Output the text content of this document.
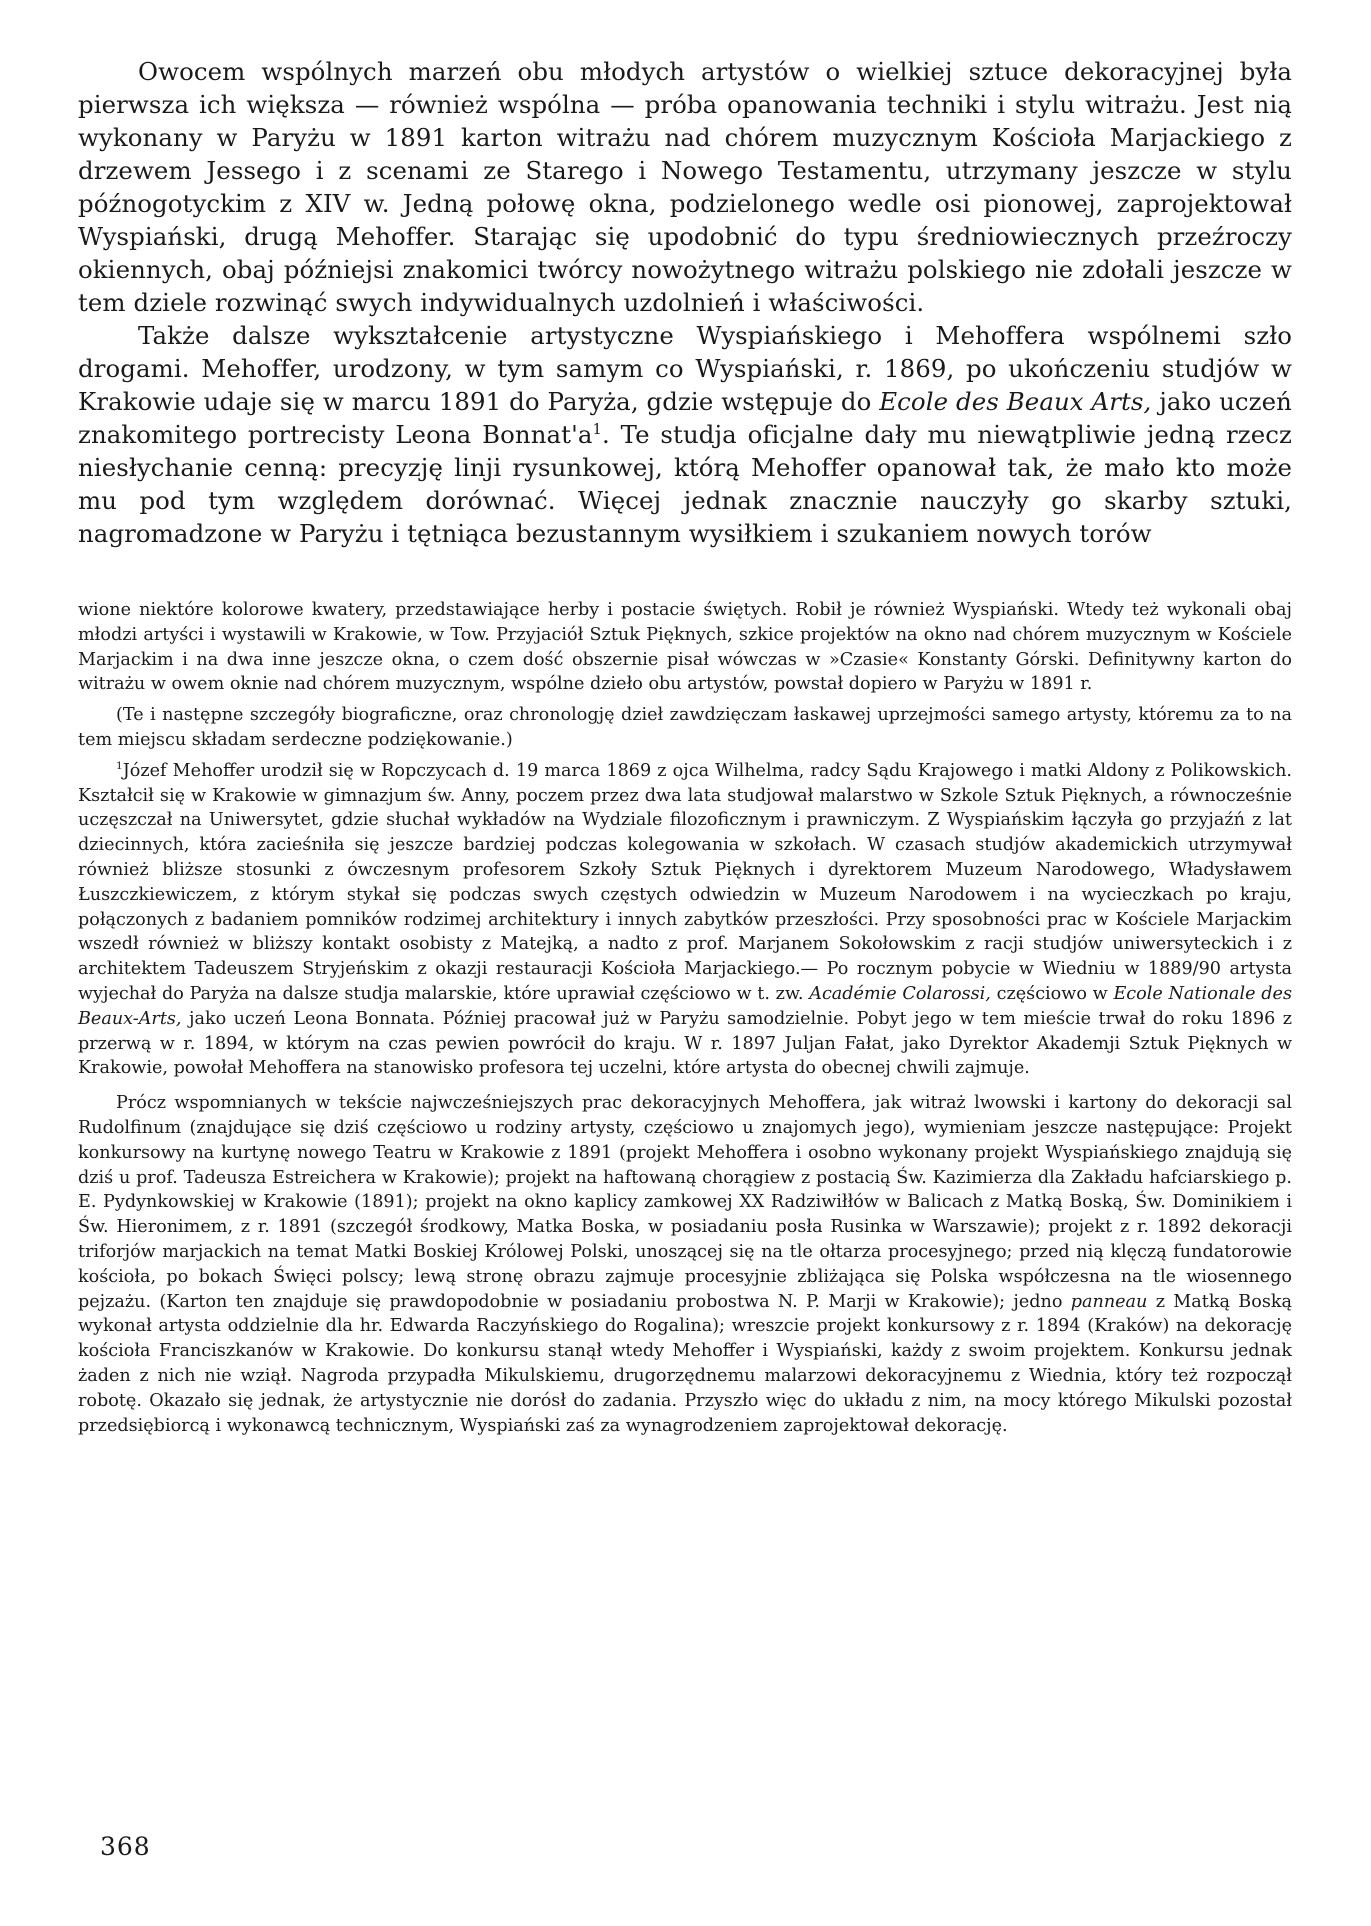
Owocem wspólnych marzeń obu młodych artystów o wielkiej sztuce dekoracyjnej była pierwsza ich większa — również wspólna — próba opanowania techniki i stylu witrażu. Jest nią wykonany w Paryżu w 1891 karton witrażu nad chórem muzycznym Kościoła Marjackiego z drzewem Jessego i z scenami ze Starego i Nowego Testamentu, utrzymany jeszcze w stylu późnogotyckim z XIV w. Jedną połowę okna, podzielonego wedle osi pionowej, zaprojektował Wyspiański, drugą Mehoffer. Starając się upodobnić do typu średniowiecznych przeźroczy okiennych, obaj późniejsi znakomici twórcy nowożytnego witrażu polskiego nie zdołali jeszcze w tem dziele rozwinąć swych indywidualnych uzdolnień i właściwości.

Także dalsze wykształcenie artystyczne Wyspiańskiego i Mehoffera wspólnemi szło drogami. Mehoffer, urodzony, w tym samym co Wyspiański, r. 1869, po ukończeniu studjów w Krakowie udaje się w marcu 1891 do Paryża, gdzie wstępuje do Ecole des Beaux Arts, jako uczeń znakomitego portrecisty Leona $Bonnat'a^1$. Te studja oficjalne dały mu niewątpliwie jedną rzecz niesłychanie cenną: precyzję linji rysunkowej, którą Mehoffer opanował tak, że mało kto może mu pod tym względem dorównać. Więcej jednak znacznie nauczyły go skarby sztuki, nagromadzone w Paryżu i tętniąca bezustannym wysiłkiem i szukaniem nowych torów

wione niektóre kolorowe kwatery, przedstawiające herby i postacie świętych. Robił je również Wyspiański. Wtedy też wykonali obaj młodzi artyści i wystawili w Krakowie, w Tow. Przyjaciół Sztuk Pięknych, szkice projektów na okno nad chórem muzycznym w Kościele Marjackim i na dwa inne jeszcze okna, o czem dość obszernie pisał wówczas w »Czasie« Konstanty Górski. Definitywny karton do witrażu w owem oknie nad chórem muzycznym, wspólne dzieło obu artystów, powstał dopiero w Paryżu w 1891 r.

(Te i następne szczegóły biograficzne, oraz chronologję dzieł zawdzięczam łaskawej uprzejmości samego artysty, któremu za to na tem miejscu składam serdeczne podziękowanie.)

$^1$Józef Mehoffer urodził się w Ropczycach d. 19 marca 1869 z ojca Wilhelma, radcy Sądu Krajowego i matki Aldony z Polikowskich. Kształcił się w Krakowie w gimnazjum św. Anny, poczem przez dwa lata studjował malarstwo w Szkole Sztuk Pięknych, a równocześnie uczęszczał na Uniwersytet, gdzie słuchał wykładów na Wydziale filozoficznym i prawniczym. Z Wyspiańskim łączyła go przyjaźń z lat dziecinnych, która zacieśniła się jeszcze bardziej podczas kolegowania w szkołach. W czasach studjów akademickich utrzymywał również bliższe stosunki z ówczesnym profesorem Szkoły Sztuk Pięknych i dyrektorem Muzeum Narodowego, Władysławem Łuszczkiewiczem, z którym stykał się podczas swych częstych odwiedzin w Muzeum Narodowem i na wycieczkach po kraju, połączonych z badaniem pomników rodzimej architektury i innych zabytków przeszłości. Przy sposobności prac w Kościele Marjackim wszedł również w bliższy kontakt osobisty z Matejką, a nadto z prof. Marjanem Sokołowskim z racji studjów uniwersyteckich i z architektem Tadeuszem Stryjeńskim z okazji restauracji Kościoła Marjackiego.— Po rocznym pobycie w Wiedniu w 1889/90 artysta wyjechał do Paryża na dalsze studja malarskie, które uprawiał częściowo w t. zw. Académie Colarossi, częściowo w Ecole Nationale des Beaux-Arts, jako uczeń Leona Bonnata. Później pracował już w Paryżu samodzielnie. Pobyt jego w tem mieście trwał do roku 1896 z przerwą w r. 1894, w którym na czas pewien powrócił do kraju. W r. 1897 Juljan Fałat, jako Dyrektor Akademji Sztuk Pięknych w Krakowie, powołał Mehoffera na stanowisko profesora tej uczelni, które artysta do obecnej chwili zajmuje.

Prócz wspomnianych w tekście najwcześniejszych prac dekoracyjnych Mehoffera, jak witraż lwowski i kartony do dekoracji sal Rudolfinum (znajdujące się dziś częściowo u rodziny artysty, częściowo u znajomych jego), wymieniam jeszcze następujące: Projekt konkursowy na kurtynę nowego Teatru w Krakowie z 1891 (projekt Mehoffera i osobno wykonany projekt Wyspiańskiego znajdują się dziś u prof. Tadeusza Estreichera w Krakowie); projekt na haftowaną chorągiew z postacią Św. Kazimierza dla Zakładu hafciarskiego p. E. Pydynkowskiej w Krakowie (1891); projekt na okno kaplicy zamkowej XX Radziwiłłów w Balicach z Matką Boską, Św. Dominikiem i Św. Hieronimem, z r. 1891 (szczegół środkowy, Matka Boska, w posiadaniu posła Rusinka w Warszawie); projekt z r. 1892 dekoracji triforjów marjackich na temat Matki Boskiej Królowej Polski, unoszącej się na tle ołtarza procesyjnego; przed nią klęczą fundatorowie kościoła, po bokach Święci polscy; lewą stronę obrazu zajmuje procesyjnie zbliżająca się Polska współczesna na tle wiosennego pejzażu. (Karton ten znajduje się prawdopodobnie w posiadaniu probostwa N. P. Marji w Krakowie); jedno panneau z Matką Boską wykonał artysta oddzielnie dla hr. Edwarda Raczyńskiego do Rogalina); wreszcie projekt konkursowy z r. 1894 (Kraków) na dekorację kościoła Franciszkanów w Krakowie. Do konkursu stanął wtedy Mehoffer i Wyspiański, każdy z swoim projektem. Konkursu jednak żaden z nich nie wziął. Nagroda przypadła Mikulskiemu, drugorzędnemu malarzowi dekoracyjnemu z Wiednia, który też rozpoczął robotę. Okazało się jednak, że artystycznie nie dorósł do zadania. Przyszło więc do układu z nim, na mocy którego Mikulski pozostał przedsiębiorcą i wykonawcą technicznym, Wyspiański zaś za wynagrodzeniem zaprojektował dekorację.

368
